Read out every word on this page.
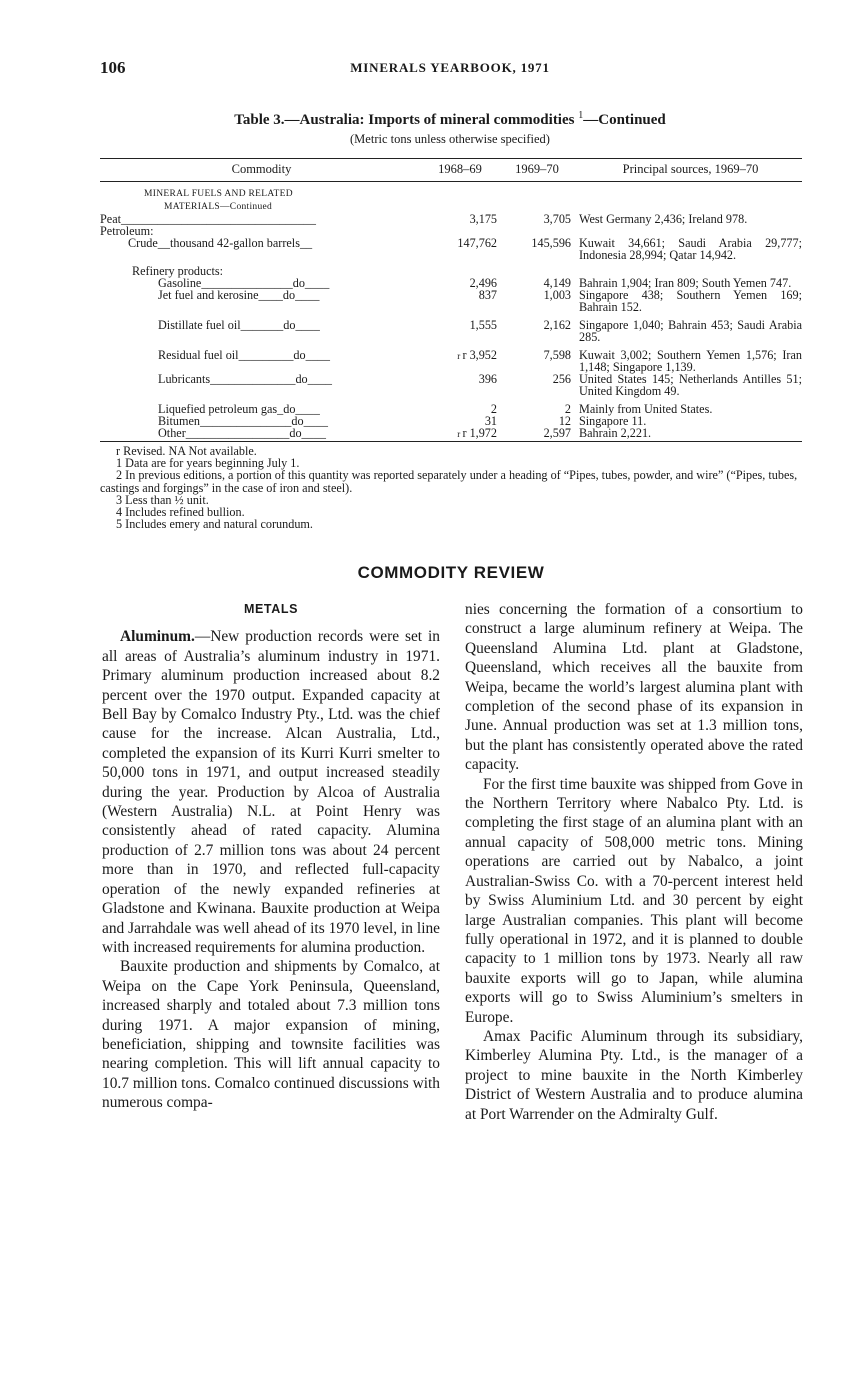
106	MINERALS YEARBOOK, 1971
Table 3.—Australia: Imports of mineral commodities $^1$—Continued
(Metric tons unless otherwise specified)
Commodity	1968–69	1969–70	Principal sources, 1969–70

MINERAL FUELS AND RELATED
MATERIALS—Continued			

Peat________________________________	3,175	3,705	West Germany 2,436; Ireland 978.
Petroleum:			
Crude__thousand 42-gallon barrels__	147,762	145,596	Kuwait 34,661; Saudi Arabia 29,777; Indonesia 28,994; Qatar 14,942.
Refinery products:			
Gasoline_______________do____	2,496	4,149	Bahrain 1,904; Iran 809; South Yemen 747.
Jet fuel and kerosine____do____	837	1,003	Singapore 438; Southern Yemen 169; Bahrain 152.
Distillate fuel oil_______do____	1,555	2,162	Singapore 1,040; Bahrain 453; Saudi Arabia 285.
Residual fuel oil_________do____	r r 3,952	7,598	Kuwait 3,002; Southern Yemen 1,576; Iran 1,148; Singapore 1,139.
Lubricants______________do____	396	256	United States 145; Netherlands Antilles 51; United Kingdom 49.
Liquefied petroleum gas_do____	2	2	Mainly from United States.
Bitumen_______________do____	31	12	Singapore 11.
Other_________________do____	r r 1,972	2,597	Bahrain 2,221.

r Revised. NA Not available.

1 Data are for years beginning July 1.

2 In previous editions, a portion of this quantity was reported separately under a heading of “Pipes, tubes, powder, and wire” (“Pipes, tubes, castings and forgings” in the case of iron and steel).

3 Less than ½ unit.

4 Includes refined bullion.

5 Includes emery and natural corundum.

COMMODITY REVIEW
METALS

Aluminum.—New production records were set in all areas of Australia’s aluminum industry in 1971. Primary aluminum production increased about 8.2 percent over the 1970 output. Expanded capacity at Bell Bay by Comalco Industry Pty., Ltd. was the chief cause for the increase. Alcan Australia, Ltd., completed the expansion of its Kurri Kurri smelter to 50,000 tons in 1971, and output increased steadily during the year. Production by Alcoa of Australia (Western Australia) N.L. at Point Henry was consistently ahead of rated capacity. Alumina production of 2.7 million tons was about 24 percent more than in 1970, and reflected full-capacity operation of the newly expanded refineries at Gladstone and Kwinana. Bauxite production at Weipa and Jarrahdale was well ahead of its 1970 level, in line with increased requirements for alumina production.

Bauxite production and shipments by Comalco, at Weipa on the Cape York Peninsula, Queensland, increased sharply and totaled about 7.3 million tons during 1971. A major expansion of mining, beneficiation, shipping and townsite facilities was nearing completion. This will lift annual capacity to 10.7 million tons. Comalco continued discussions with numerous compa-

nies concerning the formation of a consortium to construct a large aluminum refinery at Weipa. The Queensland Alumina Ltd. plant at Gladstone, Queensland, which receives all the bauxite from Weipa, became the world’s largest alumina plant with completion of the second phase of its expansion in June. Annual production was set at 1.3 million tons, but the plant has consistently operated above the rated capacity.

For the first time bauxite was shipped from Gove in the Northern Territory where Nabalco Pty. Ltd. is completing the first stage of an alumina plant with an annual capacity of 508,000 metric tons. Mining operations are carried out by Nabalco, a joint Australian-Swiss Co. with a 70-percent interest held by Swiss Aluminium Ltd. and 30 percent by eight large Australian companies. This plant will become fully operational in 1972, and it is planned to double capacity to 1 million tons by 1973. Nearly all raw bauxite exports will go to Japan, while alumina exports will go to Swiss Aluminium’s smelters in Europe.

Amax Pacific Aluminum through its subsidiary, Kimberley Alumina Pty. Ltd., is the manager of a project to mine bauxite in the North Kimberley District of Western Australia and to produce alumina at Port Warrender on the Admiralty Gulf.
